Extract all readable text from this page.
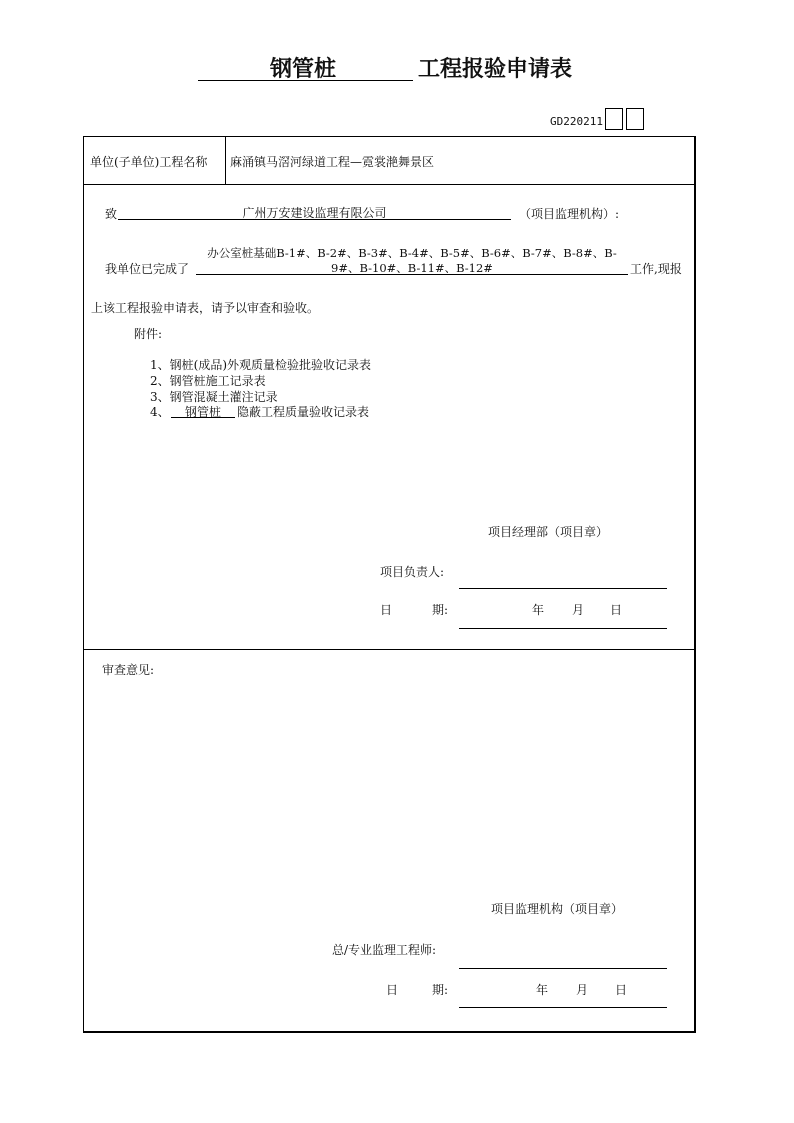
钢管桩	工程报验申请表
GD220211
单位(子单位)工程名称 麻涌镇马滘河绿道工程—霓裳滟舞景区
致	广州万安建设监理有限公司	（项目监理机构）:
我单位已完成了
办公室桩基础B-1#、B-2#、B-3#、B-4#、B-5#、B-6#、B-7#、B-8#、B-
9#、B-10#、B-11#、B-12#	工作,现报
上该工程报验申请表，请予以审查和验收。
附件:
1、钢桩(成品)外观质量检验批验收记录表
2、钢管桩施工记录表
3、钢管混凝土灌注记录
4、	钢管桩	隐蔽工程质量验收记录表
项目经理部（项目章）
项目负责人:
日	期:	年 月 日
审查意见:
项目监理机构（项目章）
总/专业监理工程师:
日	期:	年 月 日
